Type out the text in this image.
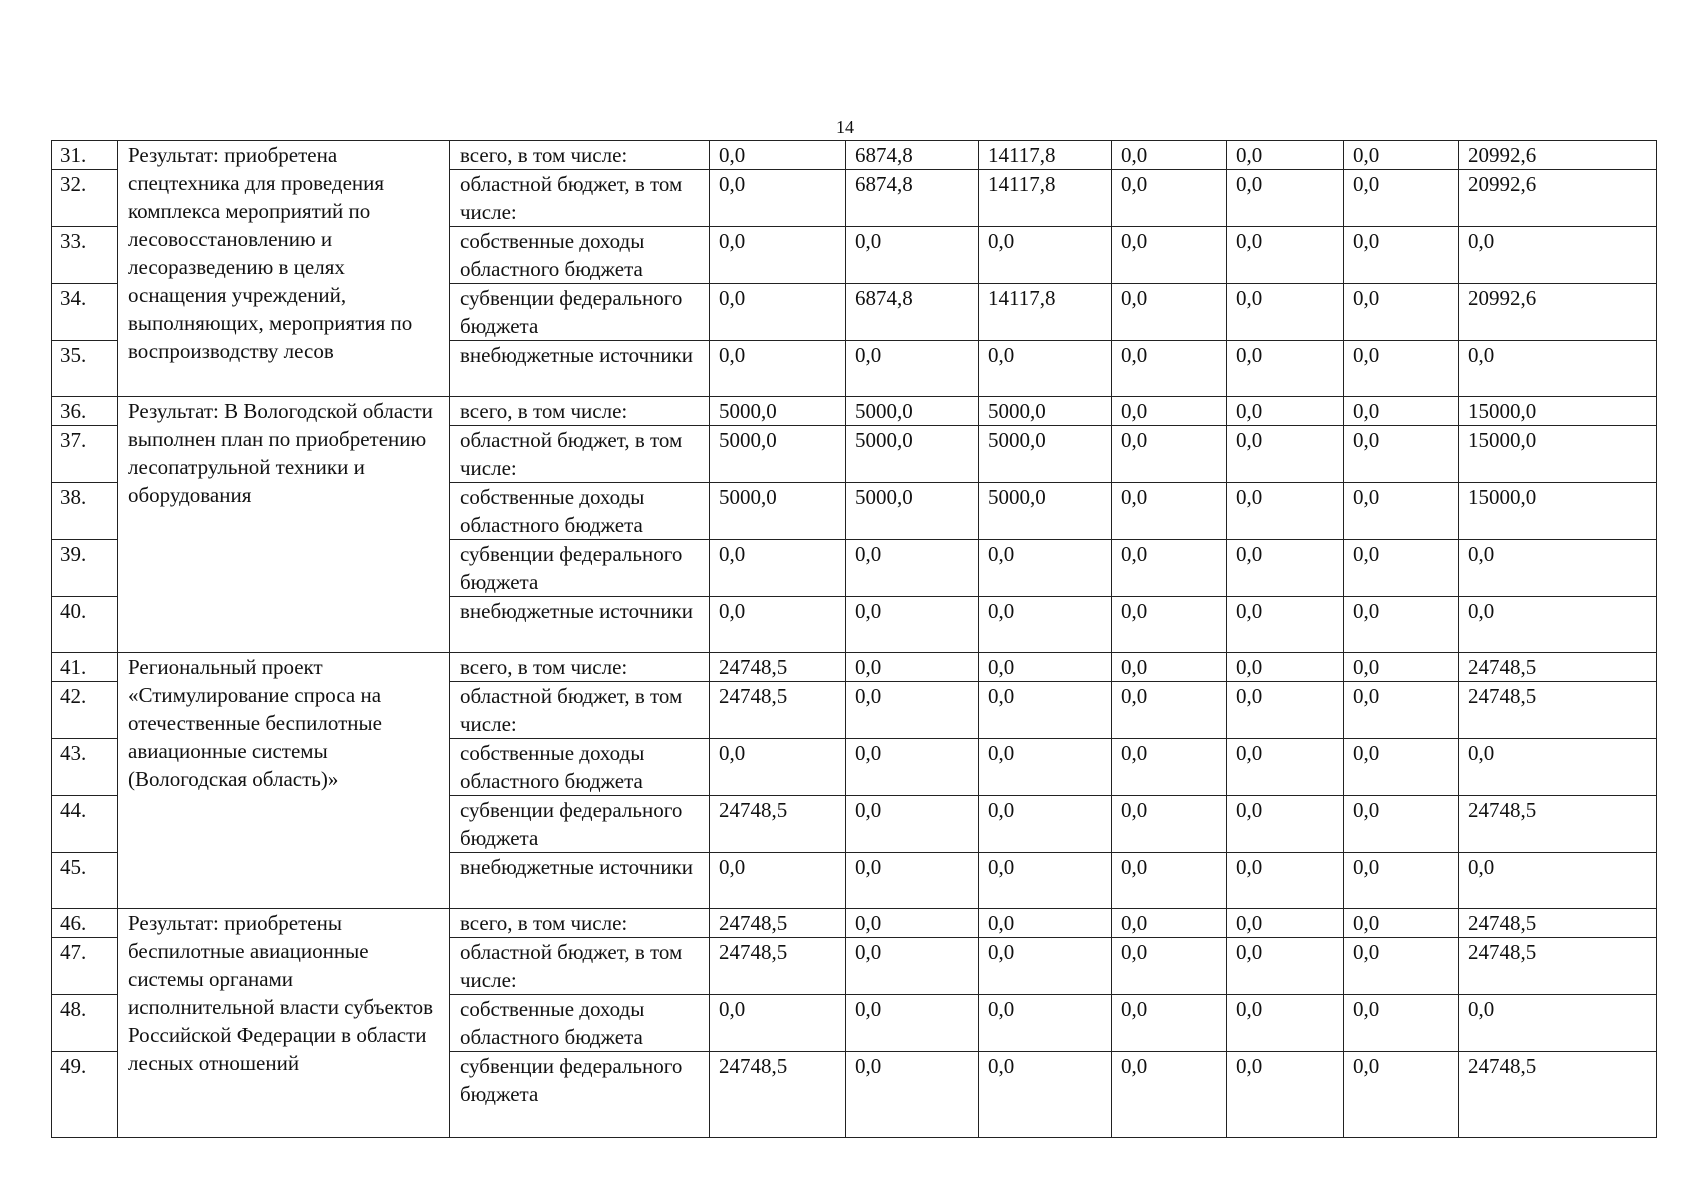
14
31.	Результат: приобретена спецтехника для проведения комплекса мероприятий по лесовосстановлению и лесоразведению в целях оснащения учреждений, выполняющих, мероприятия по воспроизводству лесов	всего, в том числе:	0,0	6874,8	14117,8	0,0	0,0	0,0	20992,6
32.		областной бюджет, в том числе:	0,0	6874,8	14117,8	0,0	0,0	0,0	20992,6
33.		собственные доходы областного бюджета	0,0	0,0	0,0	0,0	0,0	0,0	0,0
34.		субвенции федерального бюджета	0,0	6874,8	14117,8	0,0	0,0	0,0	20992,6
35.		внебюджетные источники	0,0	0,0	0,0	0,0	0,0	0,0	0,0
36.	Результат: В Вологодской области выполнен план по приобретению лесопатрульной техники и оборудования	всего, в том числе:	5000,0	5000,0	5000,0	0,0	0,0	0,0	15000,0
37.		областной бюджет, в том числе:	5000,0	5000,0	5000,0	0,0	0,0	0,0	15000,0
38.		собственные доходы областного бюджета	5000,0	5000,0	5000,0	0,0	0,0	0,0	15000,0
39.		субвенции федерального бюджета	0,0	0,0	0,0	0,0	0,0	0,0	0,0
40.		внебюджетные источники	0,0	0,0	0,0	0,0	0,0	0,0	0,0
41.	Региональный проект «Стимулирование спроса на отечественные беспилотные авиационные системы (Вологодская область)»	всего, в том числе:	24748,5	0,0	0,0	0,0	0,0	0,0	24748,5
42.		областной бюджет, в том числе:	24748,5	0,0	0,0	0,0	0,0	0,0	24748,5
43.		собственные доходы областного бюджета	0,0	0,0	0,0	0,0	0,0	0,0	0,0
44.		субвенции федерального бюджета	24748,5	0,0	0,0	0,0	0,0	0,0	24748,5
45.		внебюджетные источники	0,0	0,0	0,0	0,0	0,0	0,0	0,0
46.	Результат: приобретены беспилотные авиационные системы органами исполнительной власти субъектов Российской Федерации в области лесных отношений	всего, в том числе:	24748,5	0,0	0,0	0,0	0,0	0,0	24748,5
47.		областной бюджет, в том числе:	24748,5	0,0	0,0	0,0	0,0	0,0	24748,5
48.		собственные доходы областного бюджета	0,0	0,0	0,0	0,0	0,0	0,0	0,0
49.		субвенции федерального бюджета	24748,5	0,0	0,0	0,0	0,0	0,0	24748,5
